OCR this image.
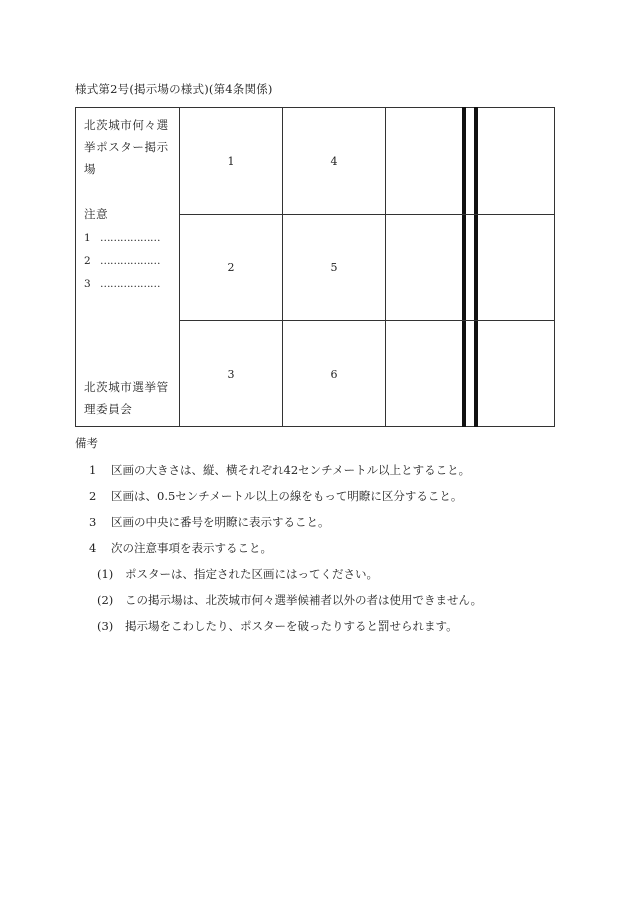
様式第2号(掲示場の様式)(第4条関係)
北茨城市何々選
挙ポスター掲示
場
注意
1 ………………
2 ………………
3 ………………
北茨城市選挙管
理委員会
1	4
2	5
3	6
備考
1 区画の大きさは、縦、横それぞれ42センチメートル以上とすること。
2 区画は、0.5センチメートル以上の線をもって明瞭に区分すること。
3 区画の中央に番号を明瞭に表示すること。
4 次の注意事項を表示すること。
(1) ポスターは、指定された区画にはってください。
(2) この掲示場は、北茨城市何々選挙候補者以外の者は使用できません。
(3) 掲示場をこわしたり、ポスターを破ったりすると罰せられます。
